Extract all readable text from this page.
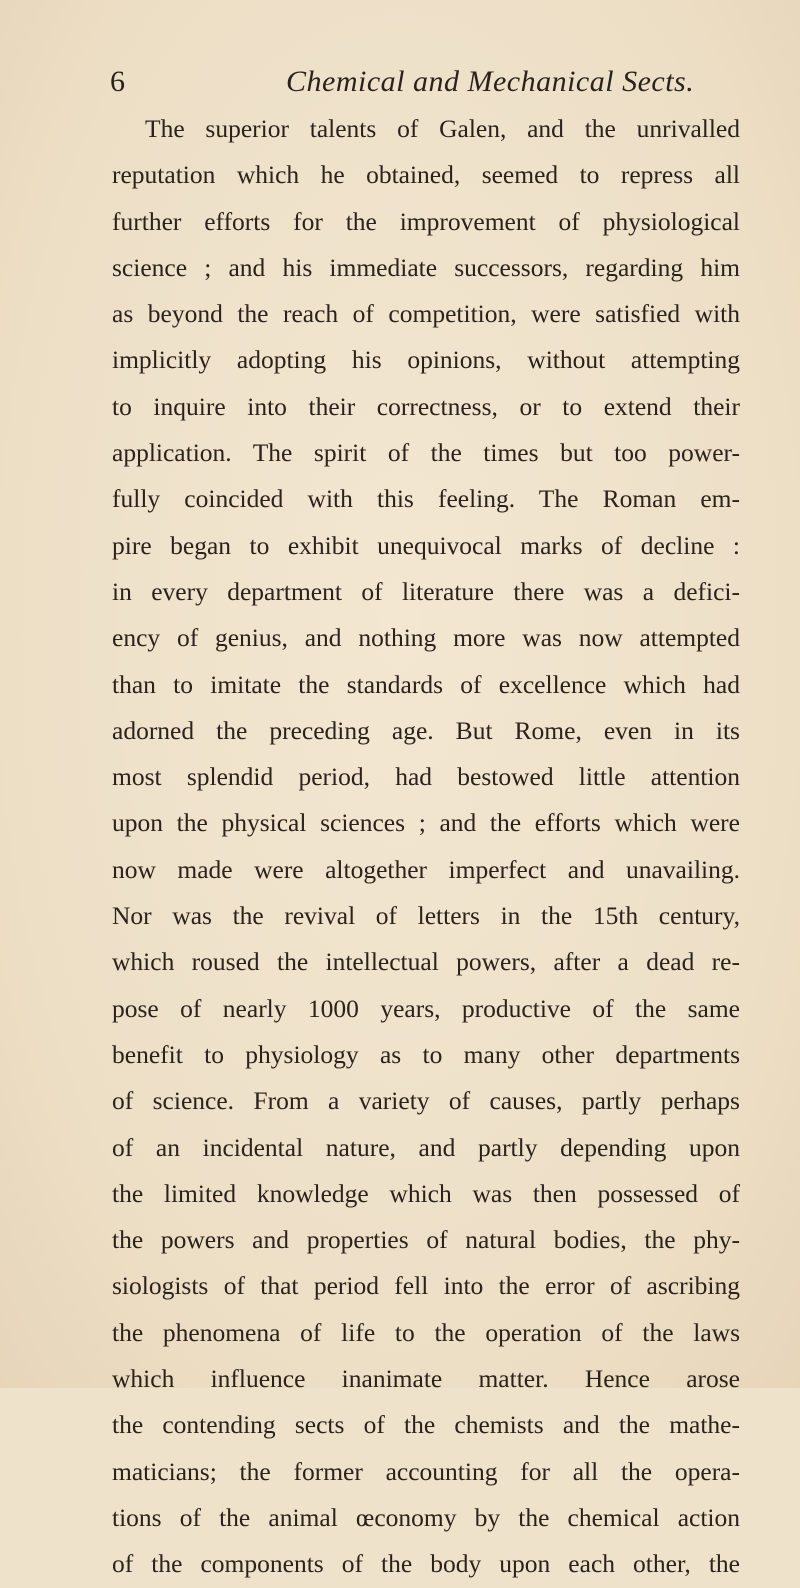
6	Chemical and Mechanical Sects.
The superior talents of Galen, and the unrivalled
reputation which he obtained, seemed to repress all
further efforts for the improvement of physiological
science ; and his immediate successors, regarding him
as beyond the reach of competition, were satisfied with
implicitly adopting his opinions, without attempting
to inquire into their correctness, or to extend their
application. The spirit of the times but too power-
fully coincided with this feeling. The Roman em-
pire began to exhibit unequivocal marks of decline :
in every department of literature there was a defici-
ency of genius, and nothing more was now attempted
than to imitate the standards of excellence which had
adorned the preceding age. But Rome, even in its
most splendid period, had bestowed little attention
upon the physical sciences ; and the efforts which were
now made were altogether imperfect and unavailing.
Nor was the revival of letters in the 15th century,
which roused the intellectual powers, after a dead re-
pose of nearly 1000 years, productive of the same
benefit to physiology as to many other departments
of science. From a variety of causes, partly perhaps
of an incidental nature, and partly depending upon
the limited knowledge which was then possessed of
the powers and properties of natural bodies, the phy-
siologists of that period fell into the error of ascribing
the phenomena of life to the operation of the laws
which influence inanimate matter. Hence arose
the contending sects of the chemists and the mathe-
maticians; the former accounting for all the opera-
tions of the animal œconomy by the chemical action
of the components of the body upon each other, the
